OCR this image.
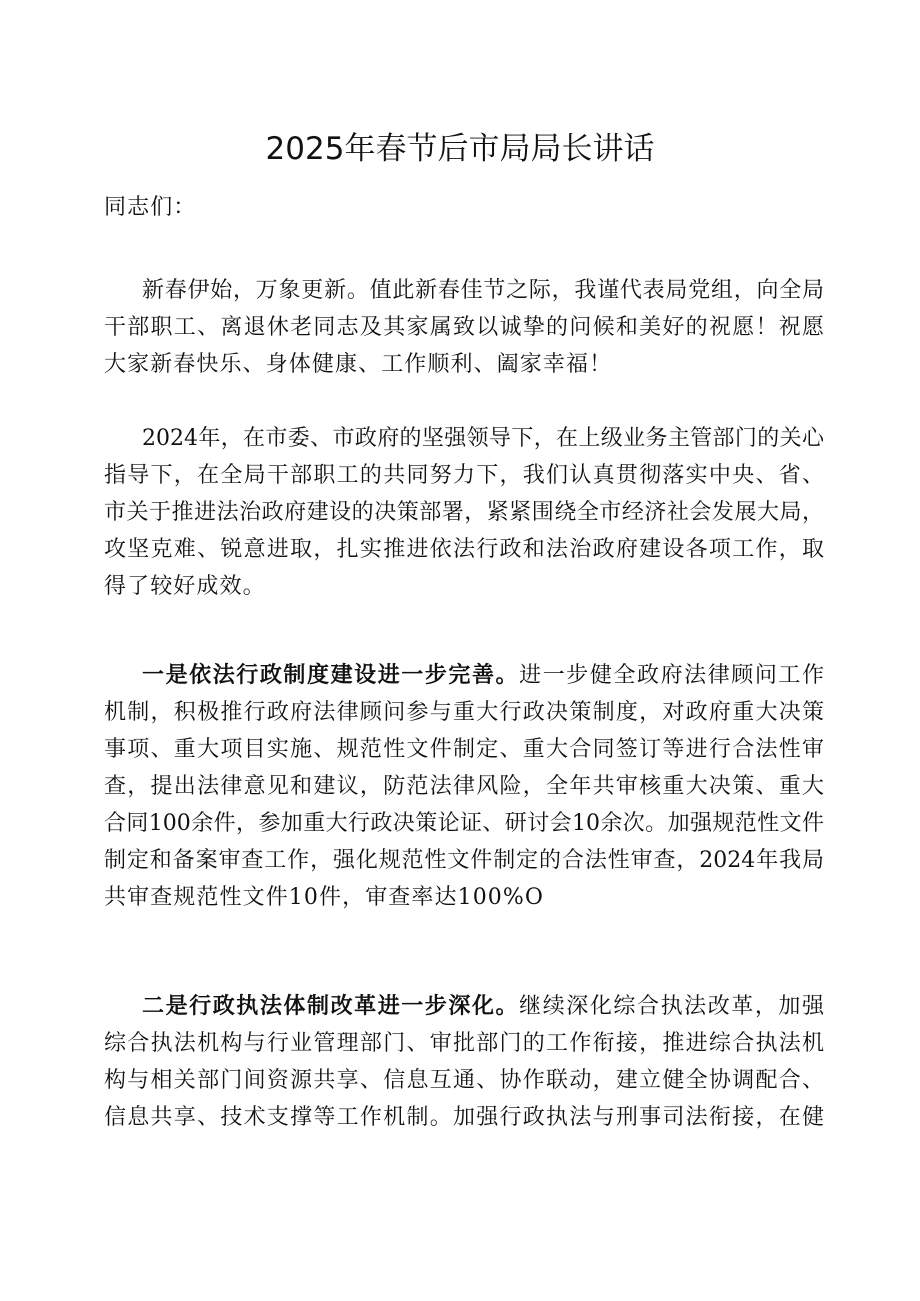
2025年春节后市局局长讲话
同志们：
新春伊始，万象更新。值此新春佳节之际，我谨代表局党组，向全局
干部职工、离退休老同志及其家属致以诚挚的问候和美好的祝愿！祝愿
大家新春快乐、身体健康、工作顺利、阖家幸福！
2024年，在市委、市政府的坚强领导下，在上级业务主管部门的关心
指导下，在全局干部职工的共同努力下，我们认真贯彻落实中央、省、
市关于推进法治政府建设的决策部署，紧紧围绕全市经济社会发展大局，
攻坚克难、锐意进取，扎实推进依法行政和法治政府建设各项工作，取
得了较好成效。
一是依法行政制度建设进一步完善。进一步健全政府法律顾问工作
机制，积极推行政府法律顾问参与重大行政决策制度，对政府重大决策
事项、重大项目实施、规范性文件制定、重大合同签订等进行合法性审
查，提出法律意见和建议，防范法律风险，全年共审核重大决策、重大
合同100余件，参加重大行政决策论证、研讨会10余次。加强规范性文件
制定和备案审查工作，强化规范性文件制定的合法性审查，2024年我局
共审查规范性文件10件，审查率达100%O
二是行政执法体制改革进一步深化。继续深化综合执法改革，加强
综合执法机构与行业管理部门、审批部门的工作衔接，推进综合执法机
构与相关部门间资源共享、信息互通、协作联动，建立健全协调配合、
信息共享、技术支撑等工作机制。加强行政执法与刑事司法衔接，在健
